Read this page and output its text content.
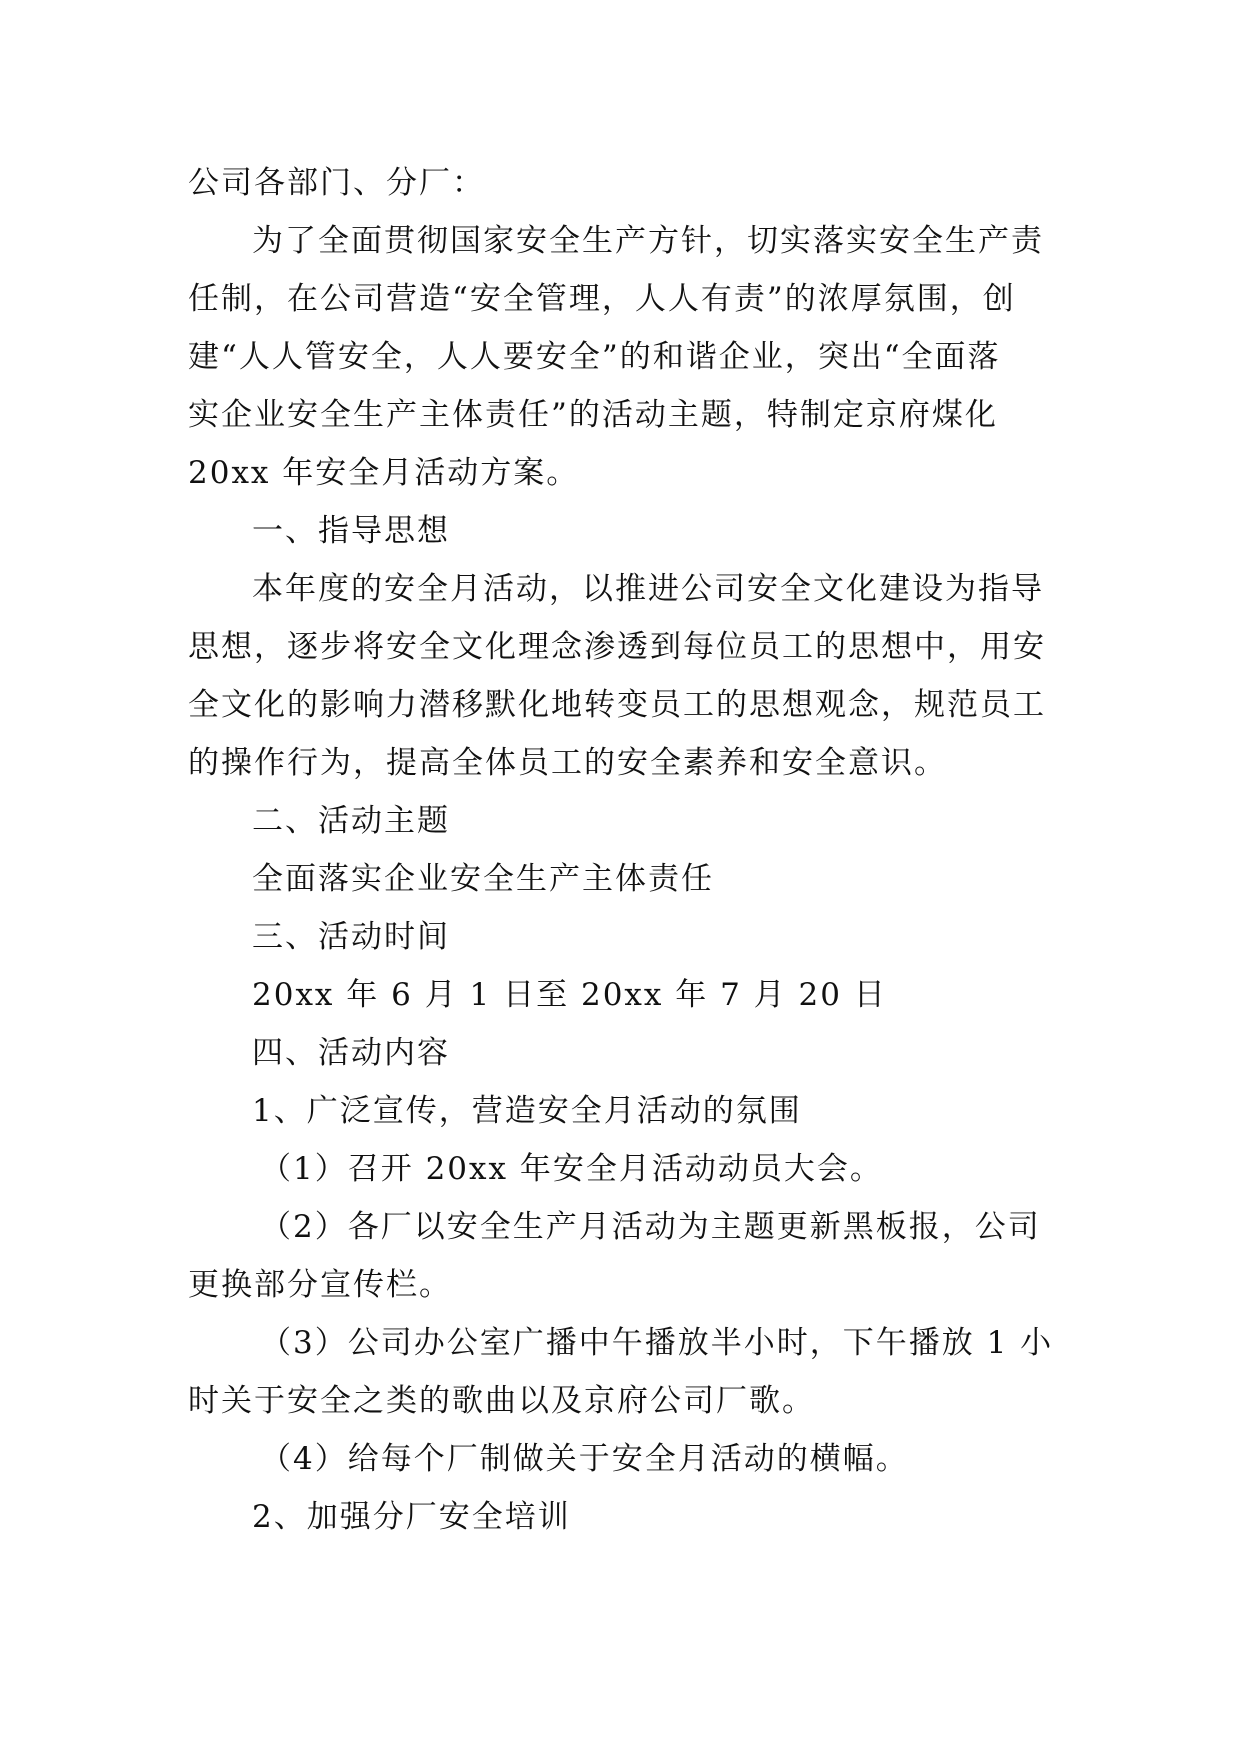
公司各部门、分厂：

为了全面贯彻国家安全生产方针，切实落实安全生产责

任制，在公司营造“安全管理，人人有责”的浓厚氛围，创

建“人人管安全，人人要安全”的和谐企业，突出“全面落

实企业安全生产主体责任”的活动主题，特制定京府煤化

20xx 年安全月活动方案。

一、指导思想

本年度的安全月活动，以推进公司安全文化建设为指导

思想，逐步将安全文化理念渗透到每位员工的思想中，用安

全文化的影响力潜移默化地转变员工的思想观念，规范员工

的操作行为，提高全体员工的安全素养和安全意识。

二、活动主题

全面落实企业安全生产主体责任

三、活动时间

20xx 年 6 月 1 日至 20xx 年 7 月 20 日

四、活动内容

1、广泛宣传，营造安全月活动的氛围

（1）召开 20xx 年安全月活动动员大会。

（2）各厂以安全生产月活动为主题更新黑板报，公司

更换部分宣传栏。

（3）公司办公室广播中午播放半小时，下午播放 1 小

时关于安全之类的歌曲以及京府公司厂歌。

（4）给每个厂制做关于安全月活动的横幅。

2、加强分厂安全培训
